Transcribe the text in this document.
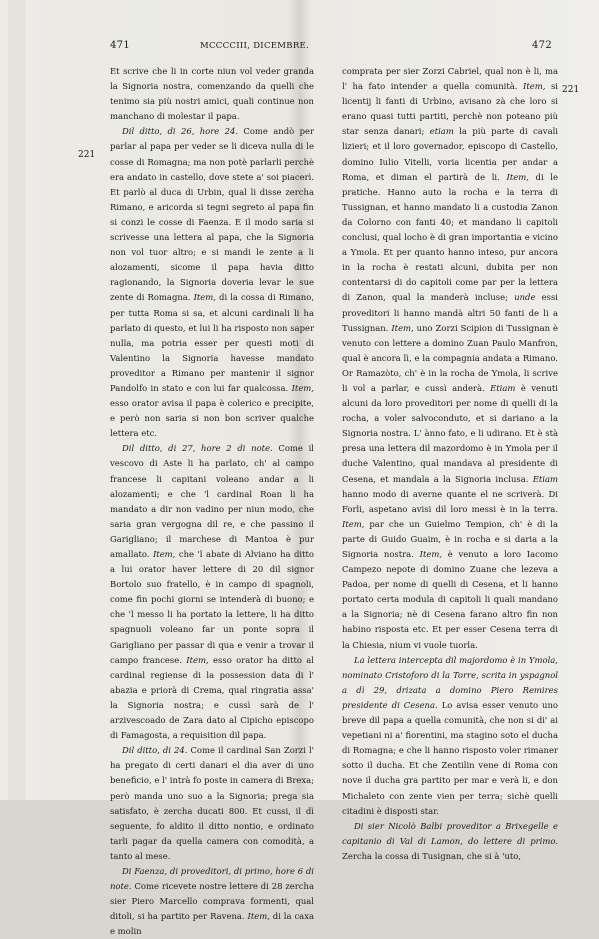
471	MCCCCIII, DICEMBRE.	472
221
221

Et scrive che li in corte niun vol veder granda la Signoria nostra, comenzando da quelli che tenimo sia più nostri amici, quali continue non manchano di molestar il papa.

Dil ditto, di 26, hore 24. Come andò per parlar al papa per veder se li diceva nulla di le cosse di Romagna; ma non potè parlarli perchè era andato in castello, dove stete a' soi piacerì. Et parlò al duca di Urbin, qual li disse zercha Rimano, e aricorda si tegni segreto al papa fin si conzi le cosse di Faenza. E il modo saria si scrivesse una lettera al papa, che la Signoria non vol tuor altro; e si mandi le zente a li alozamenti, sicome il papa havia ditto ragionando, la Signoria doveria levar le sue zente di Romagna. Item, di la cossa di Rimano, per tutta Roma si sa, et alcuni cardinali li ha parlato di questo, et lui li ha risposto non saper nulla, ma potria esser per questi moti di Valentino la Signoria havesse mandato proveditor a Rimano per mantenir il signor Pandolfo in stato e con lui far qualcossa. Item, esso orator avisa il papa è colerico e precipite, e però non saria si non bon scriver qualche lettera etc.

Dil ditto, di 27, hore 2 di note. Come il vescovo di Aste li ha parlato, ch' al campo francese li capitani voleano andar a li alozamenti; e che 'l cardinal Roan li ha mandato a dir non vadino per niun modo, che saria gran vergogna dil re, e che passino il Garigliano; il marchese di Mantoa è pur amallato. Item, che 'l abate di Alviano ha ditto a lui orator haver lettere di 20 dil signor Bortolo suo fratello, è in campo di spagnoli, come fin pochi giorni se intenderà di buono; e che 'l messo li ha portato la lettere, li ha ditto spagnuoli voleano far un ponte sopra il Garigliano per passar di qua e venir a trovar il campo francese. Item, esso orator ha ditto al cardinal regiense di la possession data di l' abazia e priorà di Crema, qual ringratia assa' la Signoria nostra; e cussì sarà de l' arzivescoado de Zara dato al Cipicho episcopo di Famagosta, a requisition dil papa.

Dil ditto, di 24. Come il cardinal San Zorzi l' ha pregato di certi danari el dia aver di uno beneficio, e l' intrà fo poste in camera di Brexa; però manda uno suo a la Signoria; prega sia satisfato, è zercha ducati 800. Et cussi, il dì seguente, fo aldito il ditto nontio, e ordinato tarli pagar da quella camera con comodità, a tanto al mese.

Di Faenza, di proveditori, di primo, hore 6 di note. Come ricevete nostre lettere di 28 zercha sier Piero Marcello comprava formenti, qual ditoli, si ha partito per Ravena. Item, di la caxa e molin

comprata per sier Zorzi Cabriel, qual non è li, ma l' ha fato intender a quella comunità. Item, si licentij li fanti di Urbino, avisano zà che loro si erano quasi tutti partiti, perchè non poteano più star senza danari; etiam la più parte di cavali lizieri; et il loro governador, episcopo di Castello, domino Iulio Vitelli, voria licentia per andar a Roma, et diman el partirà de li. Item, di le pratiche. Hanno auto la rocha e la terra di Tussignan, et hanno mandato li a custodia Zanon da Colorno con fanti 40; et mandano li capitoli conclusi, qual locho è di gran importantia e vicino a Ymola. Et per quanto hanno inteso, pur ancora in la rocha è restati alcuni, dubita per non contentarsi di do capitoli come par per la lettera di Zanon, qual la manderà incluse; unde essi proveditori li hanno mandà altri 50 fanti de li a Tussignan. Item, uno Zorzi Scipion di Tussignan è venuto con lettere a domino Zuan Paulo Manfron, qual è ancora lì, e la compagnia andata a Rimano. Or Ramazòto, ch' è in la rocha de Ymola, li scrive li vol a parlar, e cussì anderà. Etiam è venuti alcuni da loro proveditori per nome di quelli di la rocha, a voler salvoconduto, et si dariano a la Signoria nostra. L' ànno fato, e li udirano. Et è stà presa una lettera dil mazordomo è in Ymola per il duche Valentino, qual mandava al presidente di Cesena, et mandala a la Signoria inclusa. Etiam hanno modo di averne quante el ne scriverà. Di Forli, aspetano avisi dil loro messi è in la terra. Item, par che un Guielmo Tempion, ch' è di la parte di Guido Guaim, è in rocha e si daria a la Signoria nostra. Item, è venuto a loro Iacomo Campezo nepote di domino Zuane che lezeva a Padoa, per nome di quelli di Cesena, et li hanno portato certa modula di capitoli li quali mandano a la Signoria; nè di Cesena farano altro fin non habino risposta etc. Et per esser Cesena terra di la Chiesia, nium vi vuole tuorla.

La lettera intercepta dil majordomo è in Ymola, nominato Cristoforo di la Torre, scrita in yspagnol a dì 29, drizata a domino Piero Remires presidente di Cesena. Lo avisa esser venuto uno breve dil papa a quella comunità, che non si di' ai vepetiani ni a' fiorentini, ma stagino soto el ducha di Romagna; e che li hanno risposto voler rimaner sotto il ducha. Et che Zentilin vene di Roma con nove il ducha gra partito per mar e verà li, e don Michaleto con zente vien per terra; sichè quelli citadini è disposti star.

Di sier Nicolò Balbi proveditor a Brixegelle e capitanio di Val di Lamon, do lettere di primo. Zercha la cossa di Tusignan, che si à 'uto,
